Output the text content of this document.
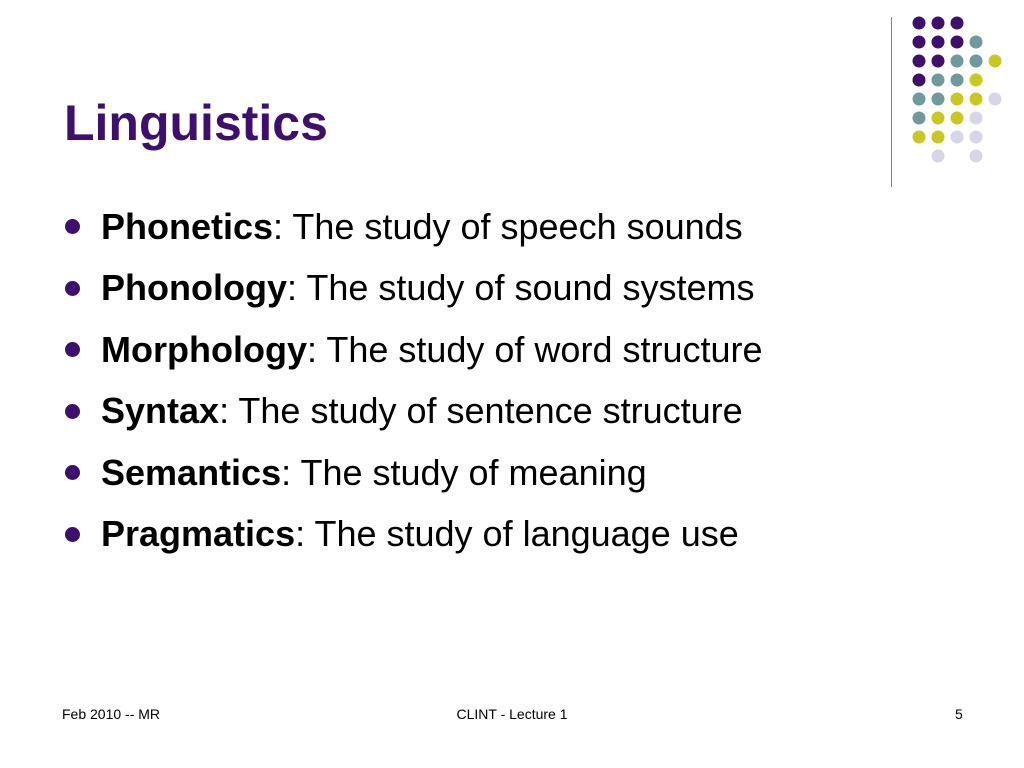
Linguistics
Phonetics : The study of speech sounds
Phonology : The study of sound systems
Morphology : The study of word structure
Syntax : The study of sentence structure
Semantics : The study of meaning
Pragmatics : The study of language use
Feb 2010 -- MR	CLINT - Lecture 1	5
